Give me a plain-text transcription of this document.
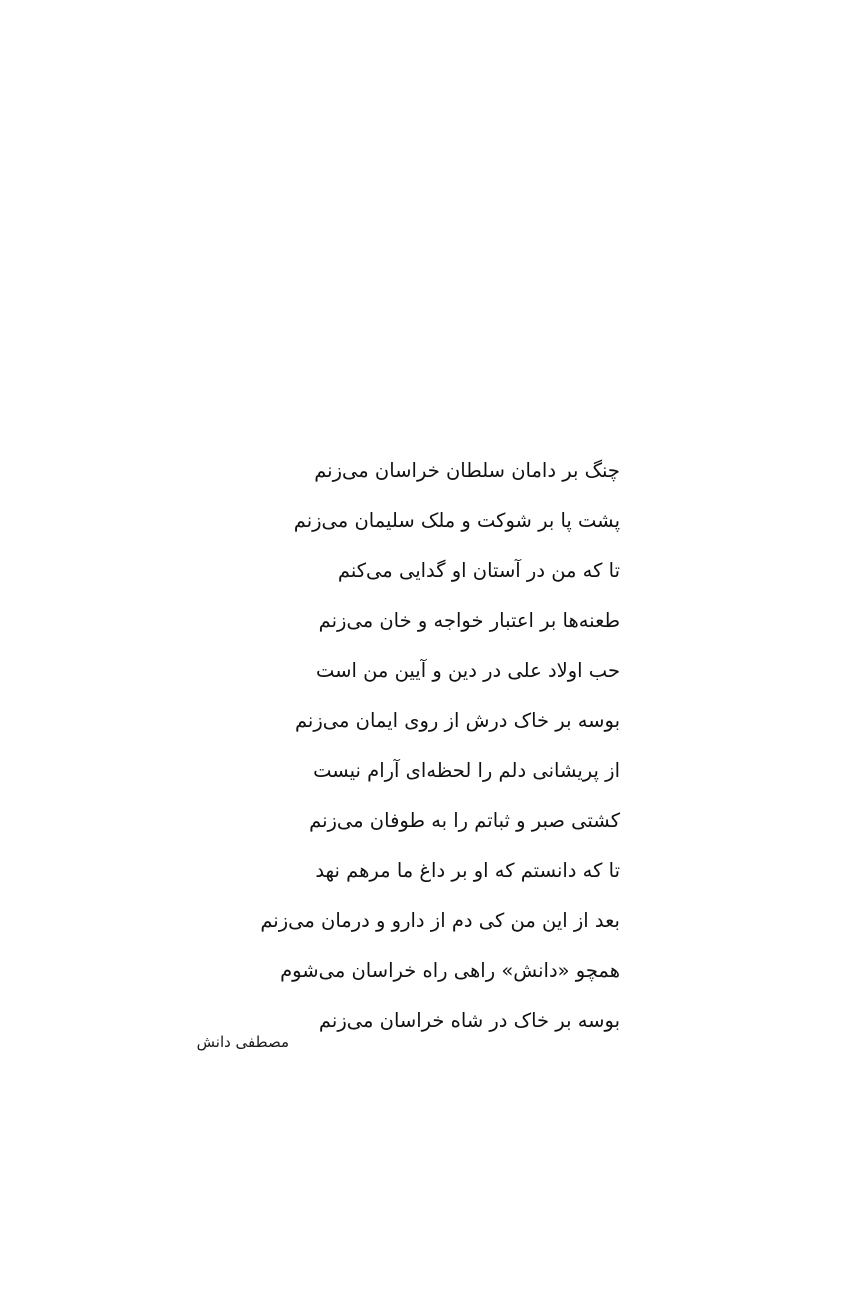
چنگ بر دامان سلطان خراسان می‌زنم
پشت پا بر شوکت و ملک سلیمان می‌زنم
تا که من در آستان او گدایی می‌کنم
طعنه‌ها بر اعتبار خواجه و خان می‌زنم
حب اولاد علی در دین و آیین من است
بوسه بر خاک درش از روی ایمان می‌زنم
از پریشانی دلم را لحظه‌ای آرام نیست
کشتی صبر و ثباتم را به طوفان می‌زنم
تا که دانستم که او بر داغ ما مرهم نهد
بعد از این من کی دم از دارو و درمان می‌زنم
همچو «دانش» راهی راه خراسان می‌شوم
بوسه بر خاک در شاه خراسان می‌زنم
مصطفی دانش
